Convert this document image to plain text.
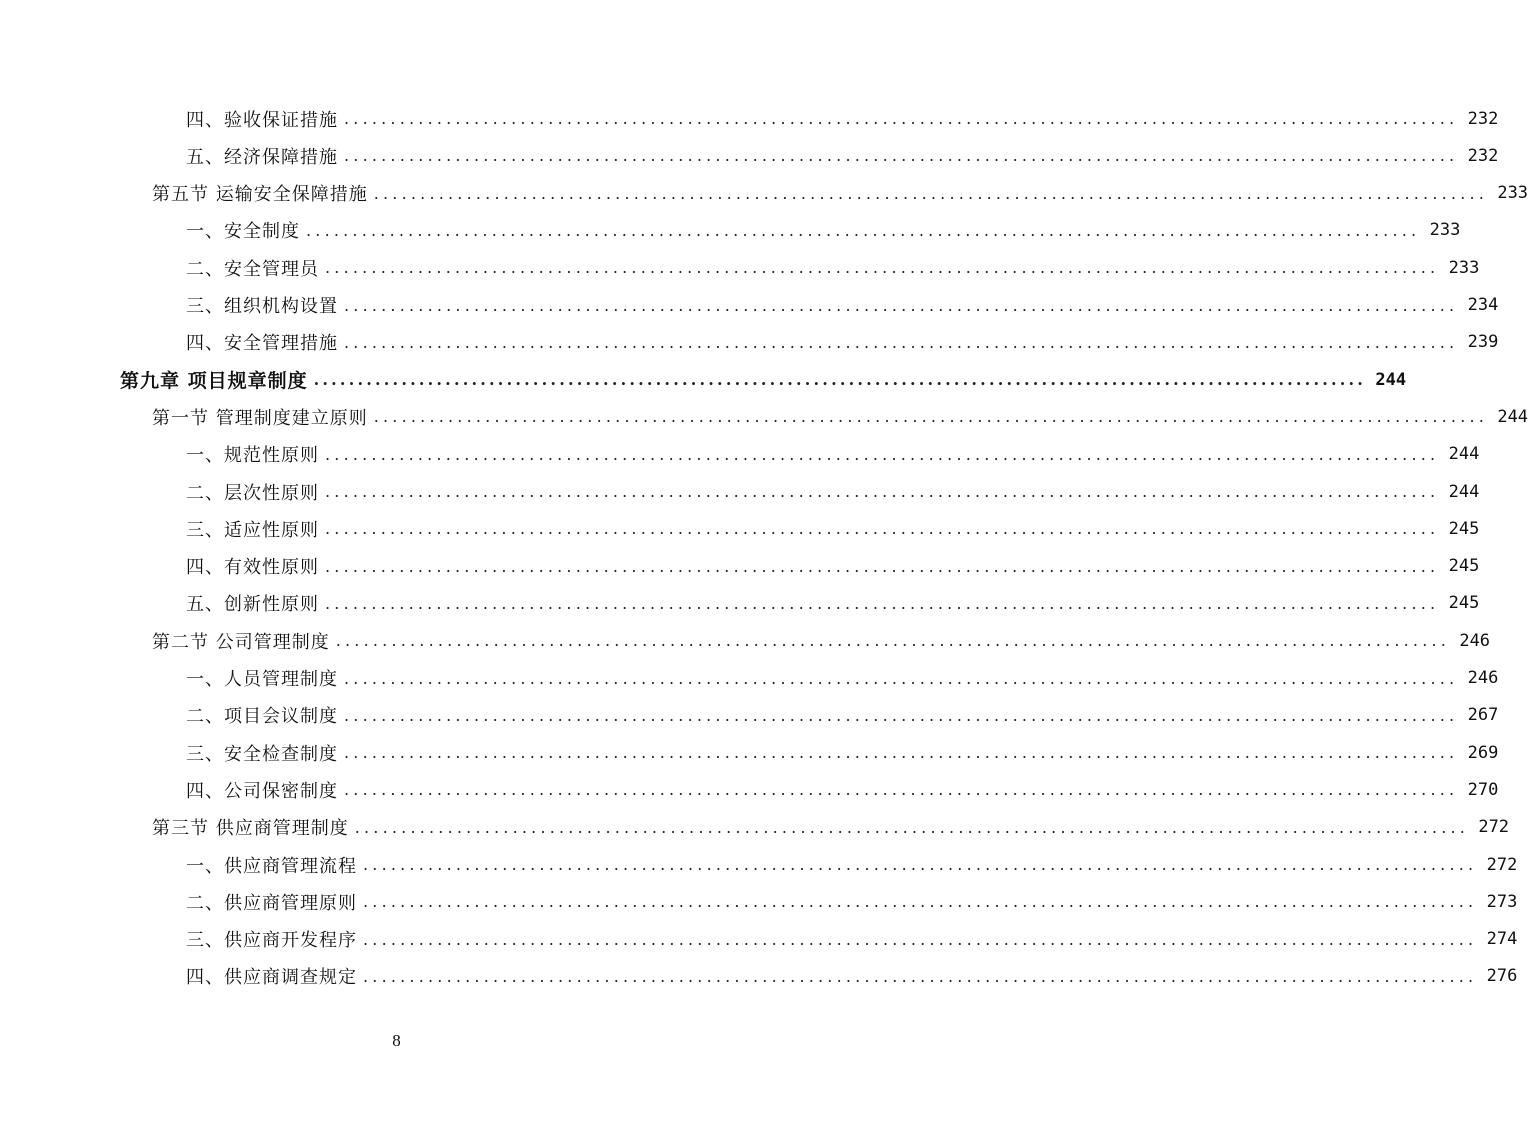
四、验收保证措施 ........................................................................................................................ 232
五、经济保障措施 ........................................................................................................................ 232
第五节 运输安全保障措施 ........................................................................................................................ 233
一、安全制度 ........................................................................................................................ 233
二、安全管理员 ........................................................................................................................ 233
三、组织机构设置 ........................................................................................................................ 234
四、安全管理措施 ........................................................................................................................ 239
第九章 项目规章制度 ........................................................................................................................ 244
第一节 管理制度建立原则 ........................................................................................................................ 244
一、规范性原则 ........................................................................................................................ 244
二、层次性原则 ........................................................................................................................ 244
三、适应性原则 ........................................................................................................................ 245
四、有效性原则 ........................................................................................................................ 245
五、创新性原则 ........................................................................................................................ 245
第二节 公司管理制度 ........................................................................................................................ 246
一、人员管理制度 ........................................................................................................................ 246
二、项目会议制度 ........................................................................................................................ 267
三、安全检查制度 ........................................................................................................................ 269
四、公司保密制度 ........................................................................................................................ 270
第三节 供应商管理制度 ........................................................................................................................ 272
一、供应商管理流程 ........................................................................................................................ 272
二、供应商管理原则 ........................................................................................................................ 273
三、供应商开发程序 ........................................................................................................................ 274
四、供应商调查规定 ........................................................................................................................ 276
8
